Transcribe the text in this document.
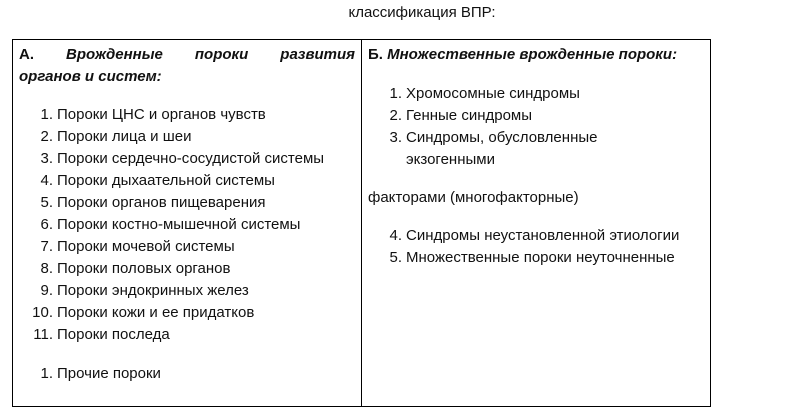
классификация ВПР:
А. Врожденные пороки развития
органов и систем:
1. Пороки ЦНС и органов чувств
2. Пороки лица и шеи
3. Пороки сердечно-сосудистой системы
4. Пороки дыхаательной системы
5. Пороки органов пищеварения
6. Пороки костно-мышечной системы
7. Пороки мочевой системы
8. Пороки половых органов
9. Пороки эндокринных желез
10. Пороки кожи и ее придатков
11. Пороки последа
1. Прочие пороки
Б. Множественные врожденные пороки:
1. Хромосомные синдромы
2. Генные синдромы
3. Синдромы, обусловленные
экзогенными
факторами (многофакторные)
4. Синдромы неустановленной этиологии
5. Множественные пороки неуточненные
